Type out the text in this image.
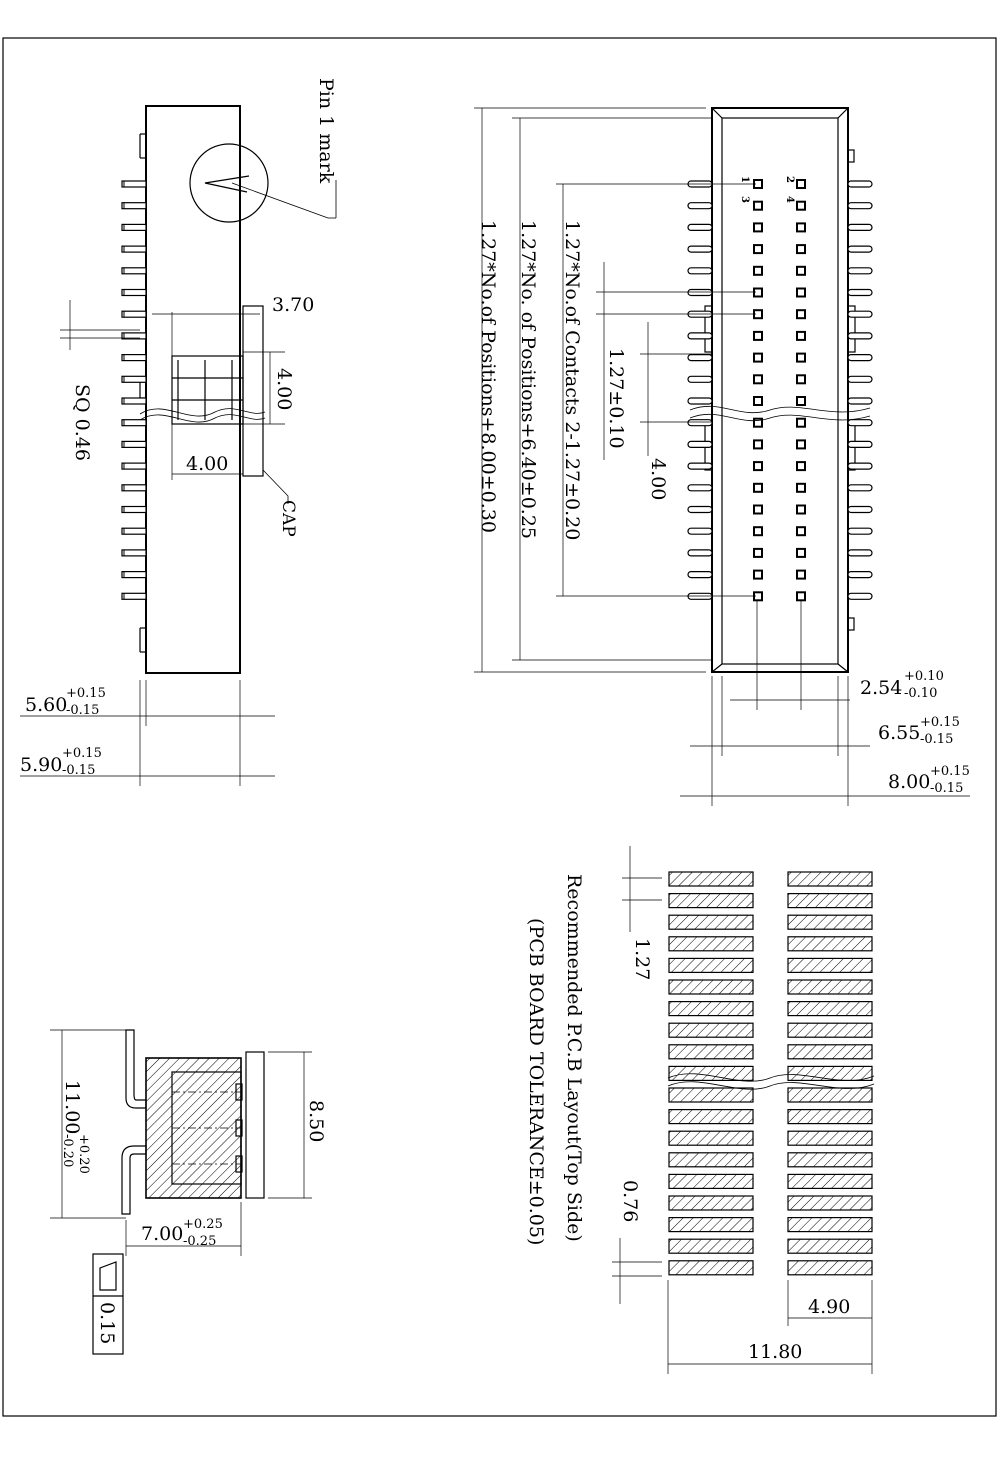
Pin 1 mark
3.70
4.00
4.00
CAP
SQ 0.46
5.60
+0.15
-0.15
5.90
+0.15
-0.15
1	2
3	4
1.27*No.of Positions+8.00±0.30 1.27*No. of Positions+6.40±0.25 1.27*No.of Contacts 2-1.27±0.20 1.27±0.10
4.00
2.54
+0.10
-0.10
6.55 +0.15
-0.15
8.00 +0.15
-0.15
11.00
+0.20
-0.20
8.50
7.00 +0.25
-0.25
0.15
Recommended P.C.B Layout(Top Side)
(PCB BOARD TOLERANCE±0.05)	1.27
0.76
4.90
11.80
